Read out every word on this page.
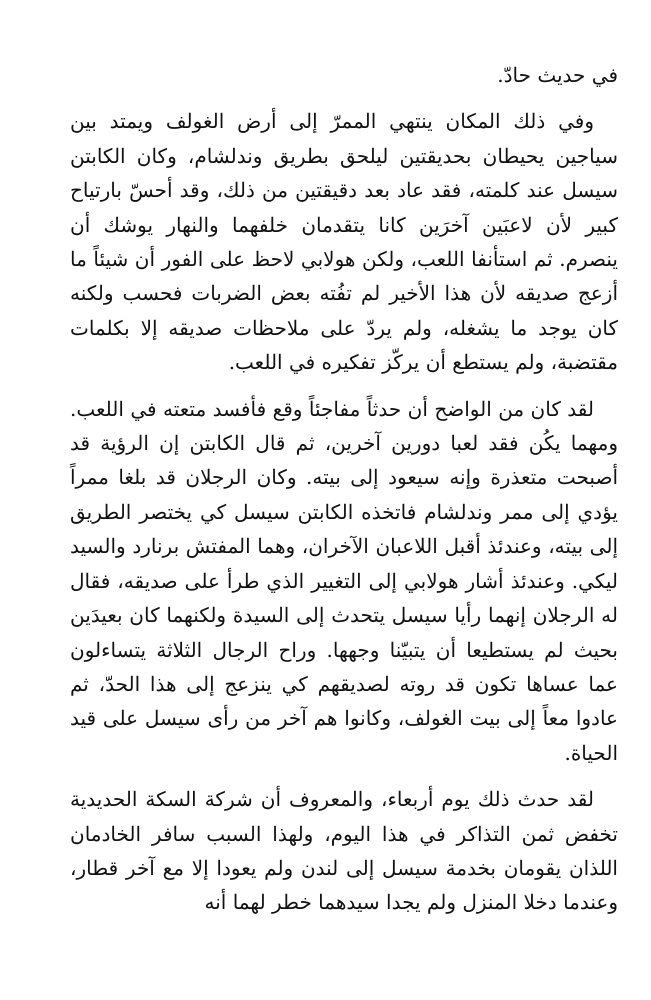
في حديث حادّ.

وفي ذلك المكان ينتهي الممرّ إلى أرض الغولف ويمتد بين سياجين يحيطان بحديقتين ليلحق بطريق وندلشام، وكان الكابتن سيسل عند كلمته، فقد عاد بعد دقيقتين من ذلك، وقد أحسّ بارتياح كبير لأن لاعبَين آخرَين كانا يتقدمان خلفهما والنهار يوشك أن ينصرم. ثم استأنفا اللعب، ولكن هولابي لاحظ على الفور أن شيئاً ما أزعج صديقه لأن هذا الأخير لم تفُته بعض الضربات فحسب ولكنه كان يوجد ما يشغله، ولم يردّ على ملاحظات صديقه إلا بكلمات مقتضبة، ولم يستطع أن يركّز تفكيره في اللعب.

لقد كان من الواضح أن حدثاً مفاجئاً وقع فأفسد متعته في اللعب. ومهما يكُن فقد لعبا دورين آخرين، ثم قال الكابتن إن الرؤية قد أصبحت متعذرة وإنه سيعود إلى بيته. وكان الرجلان قد بلغا ممراً يؤدي إلى ممر وندلشام فاتخذه الكابتن سيسل كي يختصر الطريق إلى بيته، وعندئذ أقبل اللاعبان الآخران، وهما المفتش برنارد والسيد ليكي. وعندئذ أشار هولابي إلى التغيير الذي طرأ على صديقه، فقال له الرجلان إنهما رأيا سيسل يتحدث إلى السيدة ولكنهما كان بعيدَين بحيث لم يستطيعا أن يتبيّنا وجهها. وراح الرجال الثلاثة يتساءلون عما عساها تكون قد روته لصديقهم كي ينزعج إلى هذا الحدّ، ثم عادوا معاً إلى بيت الغولف، وكانوا هم آخر من رأى سيسل على قيد الحياة.

لقد حدث ذلك يوم أربعاء، والمعروف أن شركة السكة الحديدية تخفض ثمن التذاكر في هذا اليوم، ولهذا السبب سافر الخادمان اللذان يقومان بخدمة سيسل إلى لندن ولم يعودا إلا مع آخر قطار، وعندما دخلا المنزل ولم يجدا سيدهما خطر لهما أنه
